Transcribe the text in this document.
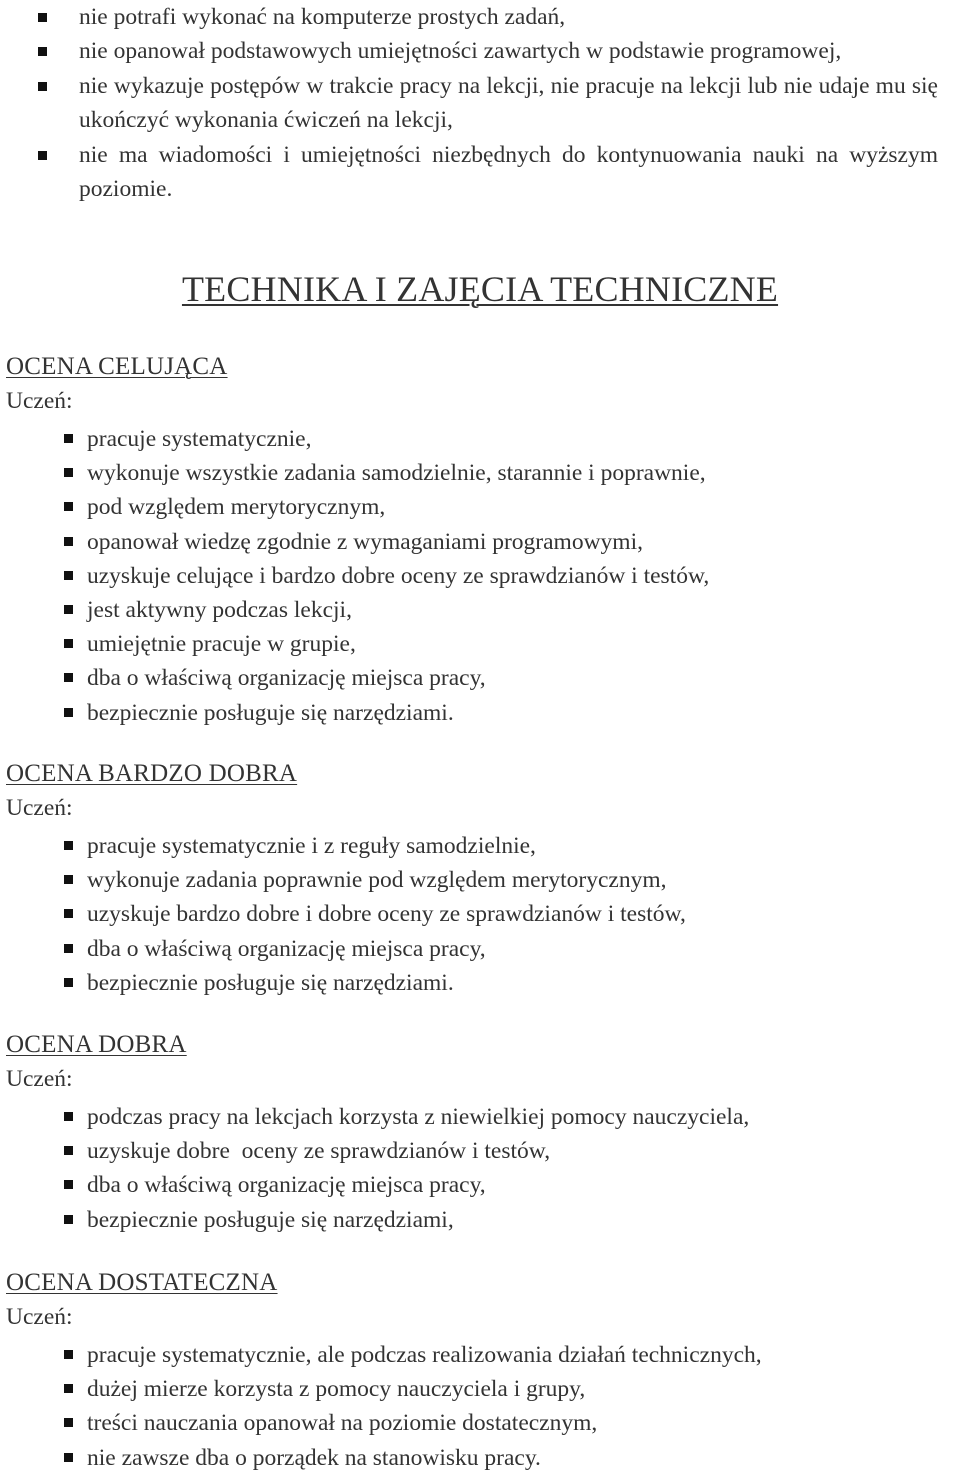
nie potrafi wykonać na komputerze prostych zadań,
nie opanował podstawowych umiejętności zawartych w podstawie programowej,
nie wykazuje postępów w trakcie pracy na lekcji, nie pracuje na lekcji lub nie udaje mu się ukończyć wykonania ćwiczeń na lekcji,
nie ma wiadomości i umiejętności niezbędnych do kontynuowania nauki na wyższym poziomie.
TECHNIKA I ZAJĘCIA TECHNICZNE
OCENA CELUJĄCA
Uczeń:
pracuje systematycznie,
wykonuje wszystkie zadania samodzielnie, starannie i poprawnie,
pod względem merytorycznym,
opanował wiedzę zgodnie z wymaganiami programowymi,
uzyskuje celujące i bardzo dobre oceny ze sprawdzianów i testów,
jest aktywny podczas lekcji,
umiejętnie pracuje w grupie,
dba o właściwą organizację miejsca pracy,
bezpiecznie posługuje się narzędziami.
OCENA BARDZO DOBRA
Uczeń:
pracuje systematycznie i z reguły samodzielnie,
wykonuje zadania poprawnie pod względem merytorycznym,
uzyskuje bardzo dobre i dobre oceny ze sprawdzianów i testów,
dba o właściwą organizację miejsca pracy,
bezpiecznie posługuje się narzędziami.
OCENA DOBRA
Uczeń:
podczas pracy na lekcjach korzysta z niewielkiej pomocy nauczyciela,
uzyskuje dobre  oceny ze sprawdzianów i testów,
dba o właściwą organizację miejsca pracy,
bezpiecznie posługuje się narzędziami,
OCENA DOSTATECZNA
Uczeń:
pracuje systematycznie, ale podczas realizowania działań technicznych,
dużej mierze korzysta z pomocy nauczyciela i grupy,
treści nauczania opanował na poziomie dostatecznym,
nie zawsze dba o porządek na stanowisku pracy.
